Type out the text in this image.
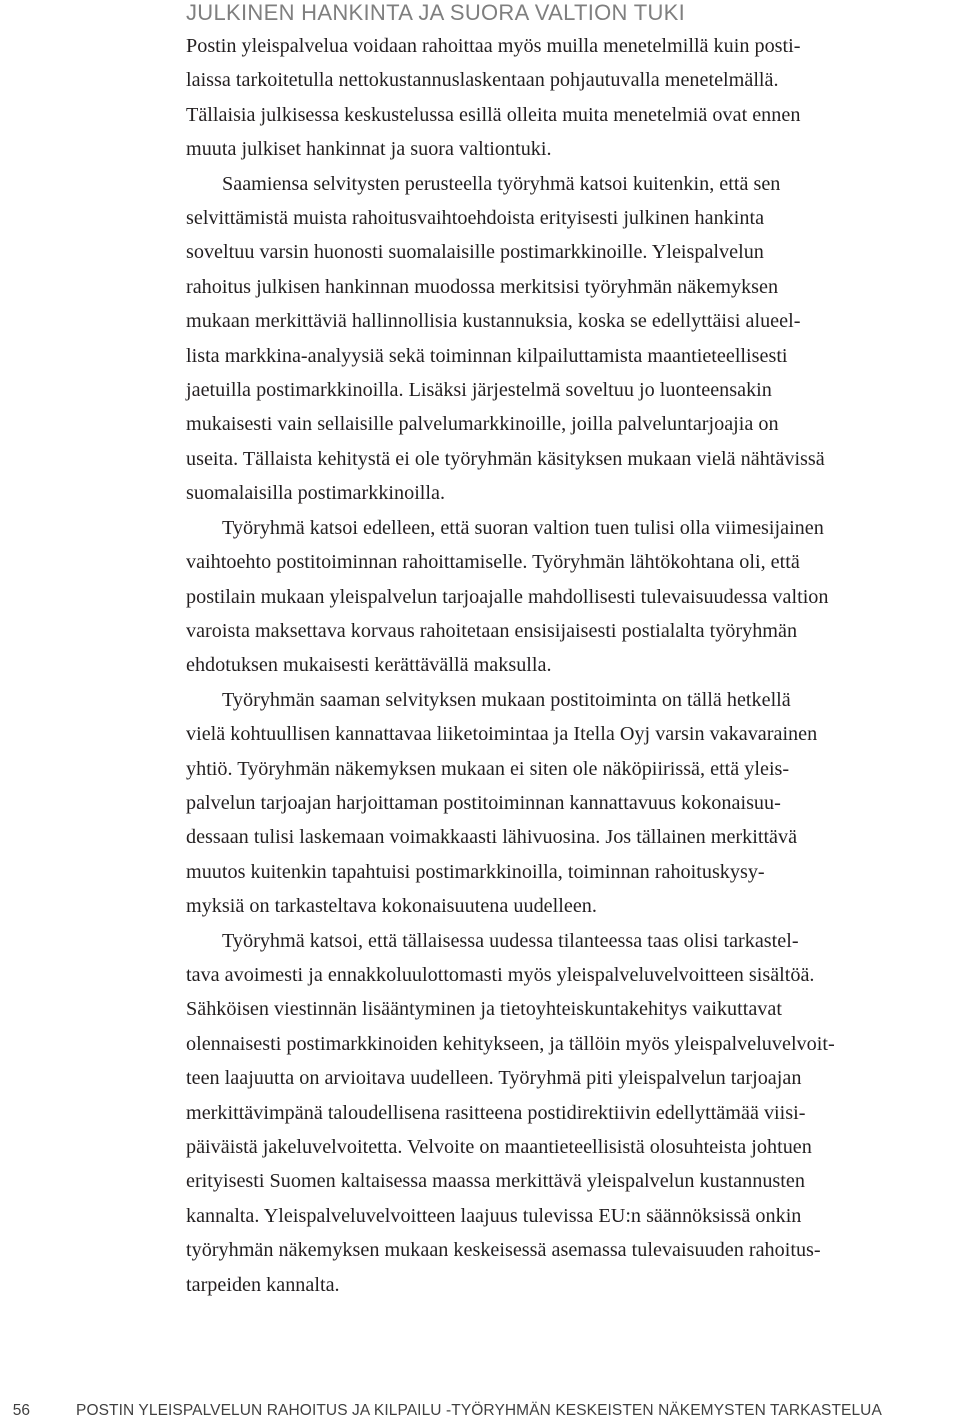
JULKINEN HANKINTA JA SUORA VALTION TUKI

Postin yleispalvelua voidaan rahoittaa myös muilla menetelmillä kuin posti-
laissa tarkoitetulla nettokustannuslaskentaan pohjautuvalla menetelmällä.
Tällaisia julkisessa keskustelussa esillä olleita muita menetelmiä ovat ennen
muuta julkiset hankinnat ja suora valtiontuki.

Saamiensa selvitysten perusteella työryhmä katsoi kuitenkin, että sen
selvittämistä muista rahoitusvaihtoehdoista erityisesti julkinen hankinta
soveltuu varsin huonosti suomalaisille postimarkkinoille. Yleispalvelun
rahoitus julkisen hankinnan muodossa merkitsisi työryhmän näkemyksen
mukaan merkittäviä hallinnollisia kustannuksia, koska se edellyttäisi alueel-
lista markkina-analyysiä sekä toiminnan kilpailuttamista maantieteellisesti
jaetuilla postimarkkinoilla. Lisäksi järjestelmä soveltuu jo luonteensakin
mukaisesti vain sellaisille palvelumarkkinoille, joilla palveluntarjoajia on
useita. Tällaista kehitystä ei ole työryhmän käsityksen mukaan vielä nähtävissä
suomalaisilla postimarkkinoilla.

Työryhmä katsoi edelleen, että suoran valtion tuen tulisi olla viimesijainen
vaihtoehto postitoiminnan rahoittamiselle. Työryhmän lähtökohtana oli, että
postilain mukaan yleispalvelun tarjoajalle mahdollisesti tulevaisuudessa valtion
varoista maksettava korvaus rahoitetaan ensisijaisesti postialalta työryhmän
ehdotuksen mukaisesti kerättävällä maksulla.

Työryhmän saaman selvityksen mukaan postitoiminta on tällä hetkellä
vielä kohtuullisen kannattavaa liiketoimintaa ja Itella Oyj varsin vakavarainen
yhtiö. Työryhmän näkemyksen mukaan ei siten ole näköpiirissä, että yleis-
palvelun tarjoajan harjoittaman postitoiminnan kannattavuus kokonaisuu-
dessaan tulisi laskemaan voimakkaasti lähivuosina. Jos tällainen merkittävä
muutos kuitenkin tapahtuisi postimarkkinoilla, toiminnan rahoituskysy-
myksiä on tarkasteltava kokonaisuutena uudelleen.

Työryhmä katsoi, että tällaisessa uudessa tilanteessa taas olisi tarkastel-
tava avoimesti ja ennakkoluulottomasti myös yleispalveluvelvoitteen sisältöä.
Sähköisen viestinnän lisääntyminen ja tietoyhteiskuntakehitys vaikuttavat
olennaisesti postimarkkinoiden kehitykseen, ja tällöin myös yleispalveluvelvoit-
teen laajuutta on arvioitava uudelleen. Työryhmä piti yleispalvelun tarjoajan
merkittävimpänä taloudellisena rasitteena postidirektiivin edellyttämää viisi-
päiväistä jakeluvelvoitetta. Velvoite on maantieteellisistä olosuhteista johtuen
erityisesti Suomen kaltaisessa maassa merkittävä yleispalvelun kustannusten
kannalta. Yleispalveluvelvoitteen laajuus tulevissa EU:n säännöksissä onkin
työryhmän näkemyksen mukaan keskeisessä asemassa tulevaisuuden rahoitus-
tarpeiden kannalta.

56	POSTIN YLEISPALVELUN RAHOITUS JA KILPAILU -TYÖRYHMÄN KESKEISTEN NÄKEMYSTEN TARKASTELUA
